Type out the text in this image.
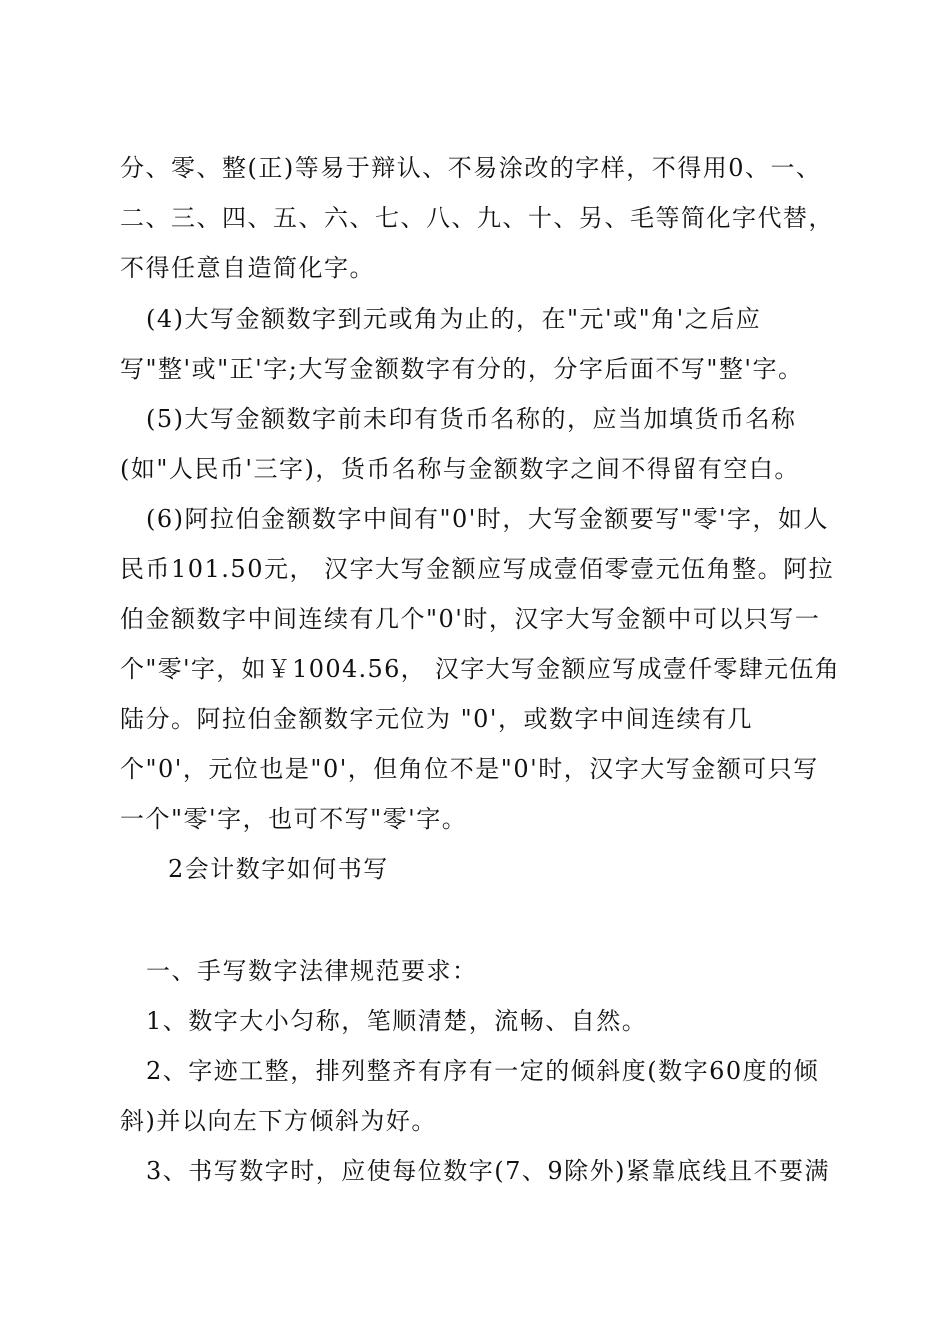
分、零、整(正)等易于辩认、不易涂改的字样，不得用0、一、
二、三、四、五、六、七、八、九、十、另、毛等简化字代替，
不得任意自造简化字。
(4)大写金额数字到元或角为止的，在"元'或"角'之后应
写"整'或"正'字;大写金额数字有分的，分字后面不写"整'字。
(5)大写金额数字前未印有货币名称的，应当加填货币名称
(如"人民币'三字)，货币名称与金额数字之间不得留有空白。
(6)阿拉伯金额数字中间有"0'时，大写金额要写"零'字，如人
民币101.50元， 汉字大写金额应写成壹佰零壹元伍角整。阿拉
伯金额数字中间连续有几个"0'时，汉字大写金额中可以只写一
个"零'字，如￥1004.56， 汉字大写金额应写成壹仟零肆元伍角
陆分。阿拉伯金额数字元位为 "0'，或数字中间连续有几
个"0'，元位也是"0'，但角位不是"0'时，汉字大写金额可只写
一个"零'字，也可不写"零'字。
2会计数字如何书写
一、手写数字法律规范要求：
1、数字大小匀称，笔顺清楚，流畅、自然。
2、字迹工整，排列整齐有序有一定的倾斜度(数字60度的倾
斜)并以向左下方倾斜为好。
3、书写数字时，应使每位数字(7、9除外)紧靠底线且不要满
